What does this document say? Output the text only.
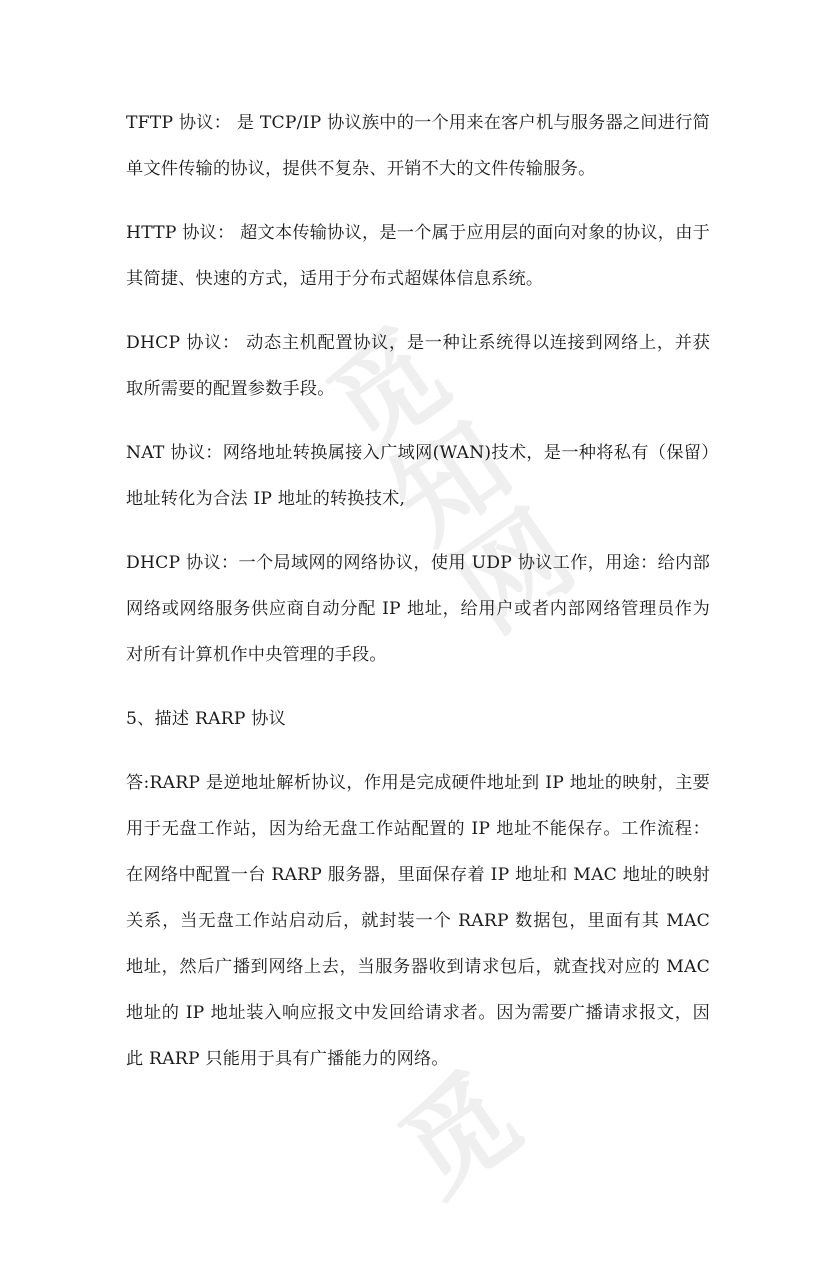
觅
知
网
觅

TFTP 协议： 是 TCP/IP 协议族中的一个用来在客户机与服务器之间进行简单文件传输的协议，提供不复杂、开销不大的文件传输服务。

HTTP 协议： 超文本传输协议，是一个属于应用层的面向对象的协议，由于其简捷、快速的方式，适用于分布式超媒体信息系统。

DHCP 协议： 动态主机配置协议，是一种让系统得以连接到网络上，并获取所需要的配置参数手段。

NAT 协议：网络地址转换属接入广域网(WAN)技术，是一种将私有（保留）地址转化为合法 IP 地址的转换技术,

DHCP 协议：一个局域网的网络协议，使用 UDP 协议工作，用途：给内部网络或网络服务供应商自动分配 IP 地址，给用户或者内部网络管理员作为对所有计算机作中央管理的手段。

5、描述 RARP 协议

答:RARP 是逆地址解析协议，作用是完成硬件地址到 IP 地址的映射，主要用于无盘工作站，因为给无盘工作站配置的 IP 地址不能保存。工作流程：在网络中配置一台 RARP 服务器，里面保存着 IP 地址和 MAC 地址的映射关系，当无盘工作站启动后，就封装一个 RARP 数据包，里面有其 MAC 地址，然后广播到网络上去，当服务器收到请求包后，就查找对应的 MAC 地址的 IP 地址装入响应报文中发回给请求者。因为需要广播请求报文，因此 RARP 只能用于具有广播能力的网络。
